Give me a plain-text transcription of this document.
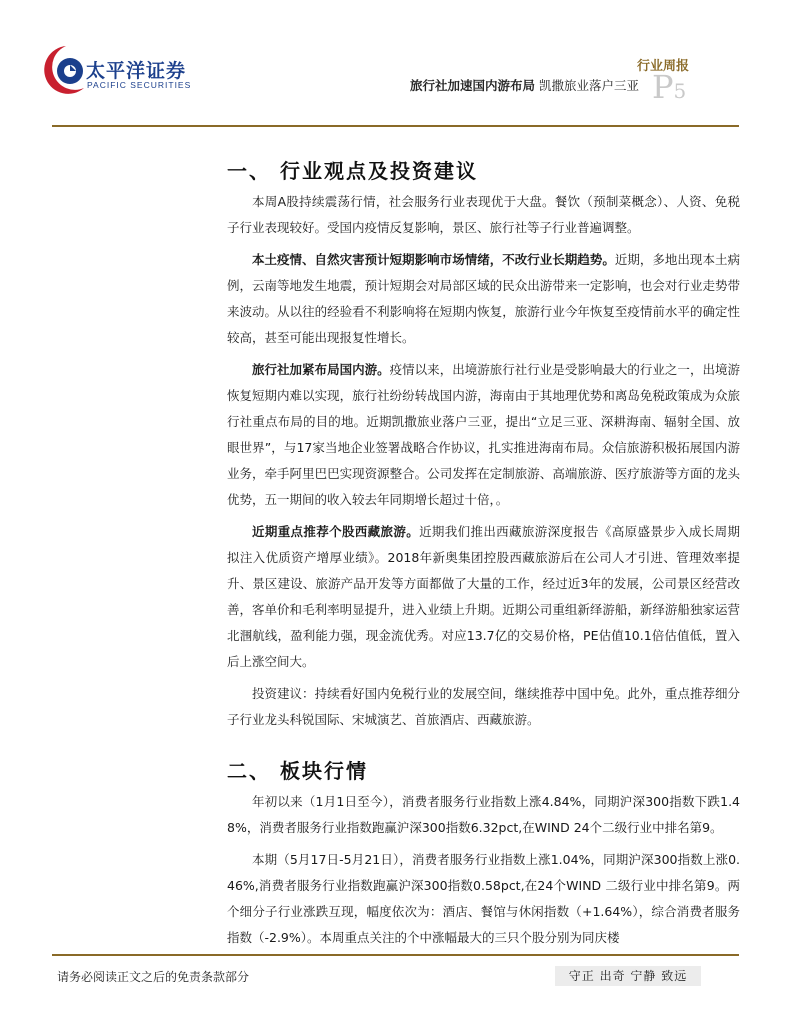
太平洋证券
PACIFIC SECURITIES
行业周报
旅行社加速国内游布局 凯撒旅业落户三亚 P5
一、 行业观点及投资建议

本周A股持续震荡行情，社会服务行业表现优于大盘。餐饮（预制菜概念）、人资、免税子行业表现较好。受国内疫情反复影响，景区、旅行社等子行业普遍调整。

本土疫情、自然灾害预计短期影响市场情绪，不改行业长期趋势。近期，多地出现本土病例，云南等地发生地震，预计短期会对局部区域的民众出游带来一定影响，也会对行业走势带来波动。从以往的经验看不利影响将在短期内恢复，旅游行业今年恢复至疫情前水平的确定性较高，甚至可能出现报复性增长。

旅行社加紧布局国内游。疫情以来，出境游旅行社行业是受影响最大的行业之一，出境游恢复短期内难以实现，旅行社纷纷转战国内游，海南由于其地理优势和离岛免税政策成为众旅行社重点布局的目的地。近期凯撒旅业落户三亚，提出“立足三亚、深耕海南、辐射全国、放眼世界”，与17家当地企业签署战略合作协议，扎实推进海南布局。众信旅游积极拓展国内游业务，牵手阿里巴巴实现资源整合。公司发挥在定制旅游、高端旅游、医疗旅游等方面的龙头优势，五一期间的收入较去年同期增长超过十倍，。

近期重点推荐个股西藏旅游。近期我们推出西藏旅游深度报告《高原盛景步入成长周期 拟注入优质资产增厚业绩》。2018年新奥集团控股西藏旅游后在公司人才引进、管理效率提升、景区建设、旅游产品开发等方面都做了大量的工作，经过近3年的发展，公司景区经营改善，客单价和毛利率明显提升，进入业绩上升期。近期公司重组新绎游船，新绎游船独家运营北涠航线，盈利能力强，现金流优秀。对应13.7亿的交易价格，PE估值10.1倍估值低，置入后上涨空间大。

投资建议：持续看好国内免税行业的发展空间，继续推荐中国中免。此外，重点推荐细分子行业龙头科锐国际、宋城演艺、首旅酒店、西藏旅游。

二、 板块行情

年初以来（1月1日至今），消费者服务行业指数上涨4.84%，同期沪深300指数下跌1.48%，消费者服务行业指数跑赢沪深300指数6.32pct,在WIND 24个二级行业中排名第9。

本期（5月17日-5月21日），消费者服务行业指数上涨1.04%，同期沪深300指数上涨0.46%,消费者服务行业指数跑赢沪深300指数0.58pct,在24个WIND 二级行业中排名第9。两个细分子行业涨跌互现，幅度依次为：酒店、餐馆与休闲指数（+1.64%），综合消费者服务指数（-2.9%）。本周重点关注的个中涨幅最大的三只个股分别为同庆楼

请务必阅读正文之后的免责条款部分	守正 出奇 宁静 致远
